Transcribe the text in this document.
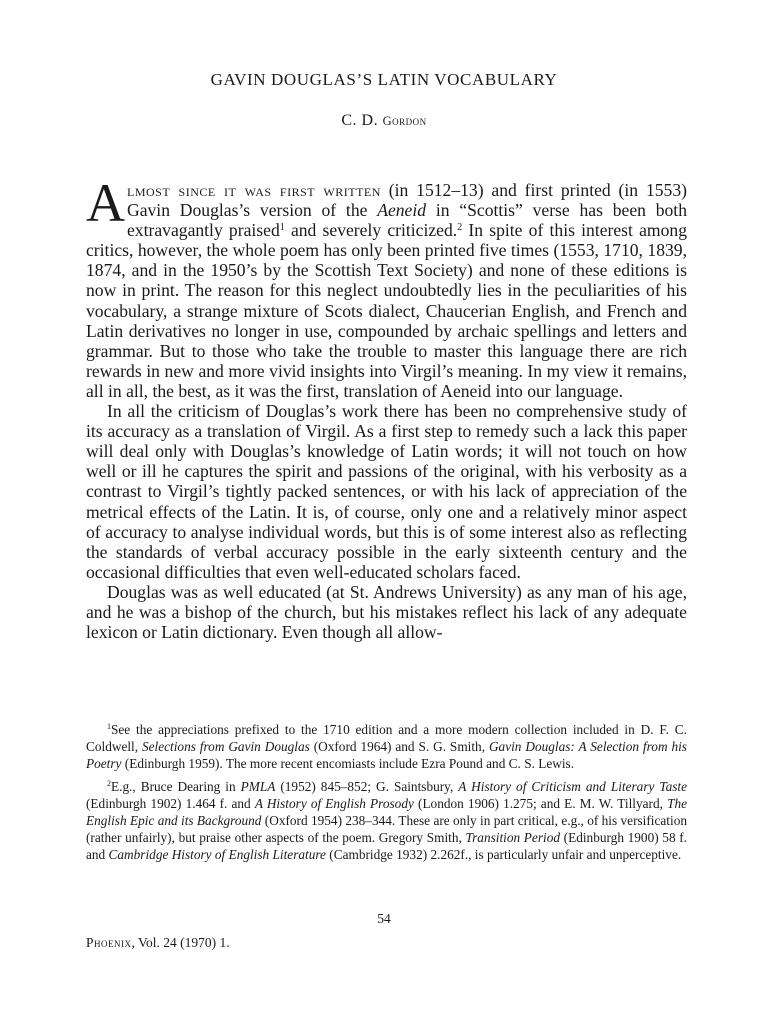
GAVIN DOUGLAS’S LATIN VOCABULARY
C. D. Gordon

Almost since it was first written (in 1512–13) and first printed (in 1553) Gavin Douglas’s version of the Aeneid in “Scottis” verse has been both extravagantly praised$^1$ and severely criticized.$^2$ In spite of this interest among critics, however, the whole poem has only been printed five times (1553, 1710, 1839, 1874, and in the 1950’s by the Scottish Text Society) and none of these editions is now in print. The reason for this neglect undoubtedly lies in the peculiarities of his vocabulary, a strange mixture of Scots dialect, Chaucerian English, and French and Latin derivatives no longer in use, compounded by archaic spellings and letters and grammar. But to those who take the trouble to master this language there are rich rewards in new and more vivid insights into Virgil’s meaning. In my view it remains, all in all, the best, as it was the first, translation of Aeneid into our language.

In all the criticism of Douglas’s work there has been no comprehensive study of its accuracy as a translation of Virgil. As a first step to remedy such a lack this paper will deal only with Douglas’s knowledge of Latin words; it will not touch on how well or ill he captures the spirit and passions of the original, with his verbosity as a contrast to Virgil’s tightly packed sentences, or with his lack of appreciation of the metrical effects of the Latin. It is, of course, only one and a relatively minor aspect of accuracy to analyse individual words, but this is of some interest also as reflecting the standards of verbal accuracy possible in the early sixteenth century and the occasional difficulties that even well-educated scholars faced.

Douglas was as well educated (at St. Andrews University) as any man of his age, and he was a bishop of the church, but his mistakes reflect his lack of any adequate lexicon or Latin dictionary. Even though all allow-

$^1$See the appreciations prefixed to the 1710 edition and a more modern collection included in D. F. C. Coldwell, Selections from Gavin Douglas (Oxford 1964) and S. G. Smith, Gavin Douglas: A Selection from his Poetry (Edinburgh 1959). The more recent encomiasts include Ezra Pound and C. S. Lewis.

$^2$E.g., Bruce Dearing in PMLA (1952) 845–852; G. Saintsbury, A History of Criticism and Literary Taste (Edinburgh 1902) 1.464 f. and A History of English Prosody (London 1906) 1.275; and E. M. W. Tillyard, The English Epic and its Background (Oxford 1954) 238–344. These are only in part critical, e.g., of his versification (rather unfairly), but praise other aspects of the poem. Gregory Smith, Transition Period (Edinburgh 1900) 58 f. and Cambridge History of English Literature (Cambridge 1932) 2.262f., is particularly unfair and unperceptive.

54
Phoenix, Vol. 24 (1970) 1.
